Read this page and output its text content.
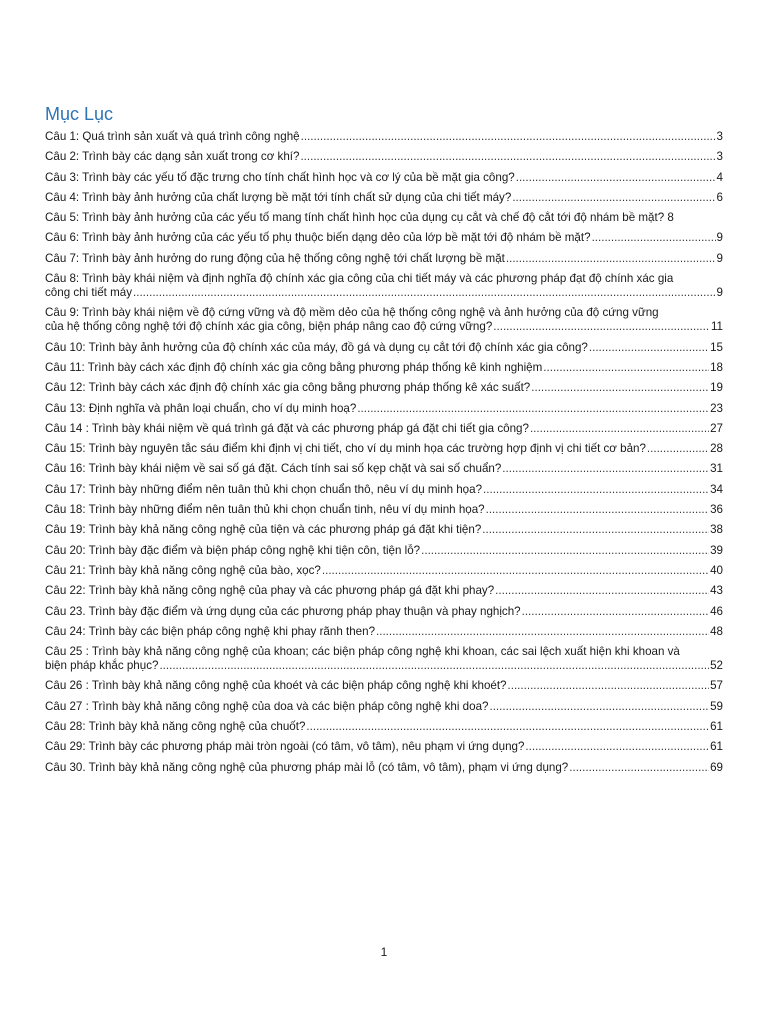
Mục Lục
Câu 1: Quá trình sản xuất và quá trình công nghệ .....	3
Câu 2: Trình bày các dạng sản xuất trong cơ khí? .....	3
Câu 3: Trình bày các yếu tố đặc trưng cho tính chất hình học và cơ lý của bề mặt gia công? .....	4
Câu 4: Trình bày ảnh hưởng của chất lượng bề mặt tới tính chất sử dụng của chi tiết máy? .....	6
Câu 5: Trình bày ảnh hưởng của các yếu tố mang tính chất hình học của dụng cụ cắt và chế độ cắt tới độ nhám bề mặt? 8
Câu 6: Trình bày ảnh hưởng của các yếu tố phụ thuộc biến dạng dẻo của lớp bề mặt tới độ nhám bề mặt? .....	9
Câu 7: Trình bày ảnh hưởng do rung động của hệ thống công nghệ tới chất lượng bề mặt .....	9
Câu 8: Trình bày khái niệm và định nghĩa độ chính xác gia công của chi tiết máy và các phương pháp đạt độ chính xác gia
công chi tiết máy .....	9
Câu 9: Trình bày khái niệm về độ cứng vững và độ mềm dẻo của hệ thống công nghệ và ảnh hưởng của độ cứng vững
của hệ thống công nghệ tới độ chính xác gia công, biện pháp nâng cao độ cứng vững? .....	11
Câu 10: Trình bày ảnh hưởng của độ chính xác của máy, đồ gá và dụng cụ cắt tới độ chính xác gia công? .....	15
Câu 11: Trình bày cách xác định độ chính xác gia công bằng phương pháp thống kê kinh nghiệm .....	18
Câu 12: Trình bày cách xác định độ chính xác gia công bằng phương pháp thống kê xác suất? .....	19
Câu 13: Định nghĩa và phân loại chuẩn, cho ví dụ minh hoạ? .....	23
Câu 14 : Trình bày khái niệm về quá trình gá đặt và các phương pháp gá đặt chi tiết gia công? .....	27
Câu 15: Trình bày nguyên tắc sáu điểm khi định vị chi tiết, cho ví dụ minh họa các trường hợp định vị chi tiết cơ bản? .....	28
Câu 16: Trình bày khái niệm về sai số gá đặt. Cách tính sai số kẹp chặt và sai số chuẩn? .....	31
Câu 17: Trình bày những điểm nên tuân thủ khi chọn chuẩn thô, nêu ví dụ minh họa? .....	34
Câu 18: Trình bày những điểm nên tuân thủ khi chọn chuẩn tinh, nêu ví dụ minh họa? .....	36
Câu 19: Trình bày khả năng công nghệ của tiện và các phương pháp gá đặt khi tiện? .....	38
Câu 20: Trình bày đặc điểm và biện pháp công nghệ khi tiện côn, tiện lỗ? .....	39
Câu 21: Trình bày khả năng công nghệ của bào, xọc? .....	40
Câu 22: Trình bày khả năng công nghệ của phay và các phương pháp gá đặt khi phay? .....	43
Câu 23. Trình bày đặc điểm và ứng dụng của các phương pháp phay thuận và phay nghịch? .....	46
Câu 24: Trình bày các biện pháp công nghệ khi phay rãnh then? .....	48
Câu 25 : Trình bày khả năng công nghệ của khoan; các biện pháp công nghệ khi khoan, các sai lệch xuất hiện khi khoan và
biện pháp khắc phục? .....	52
Câu 26 : Trình bày khả năng công nghệ của khoét và các biện pháp công nghệ khi khoét? .....	57
Câu 27 : Trình bày khả năng công nghệ của doa và các biện pháp công nghệ khi doa? .....	59
Câu 28: Trình bày khả năng công nghệ của chuốt? .....	61
Câu 29: Trình bày các phương pháp mài tròn ngoài (có tâm, vô tâm), nêu phạm vi ứng dụng? .....	61
Câu 30. Trình bày khả năng công nghệ của phương pháp mài lỗ (có tâm, vô tâm), phạm vi ứng dụng? .....	69
1
